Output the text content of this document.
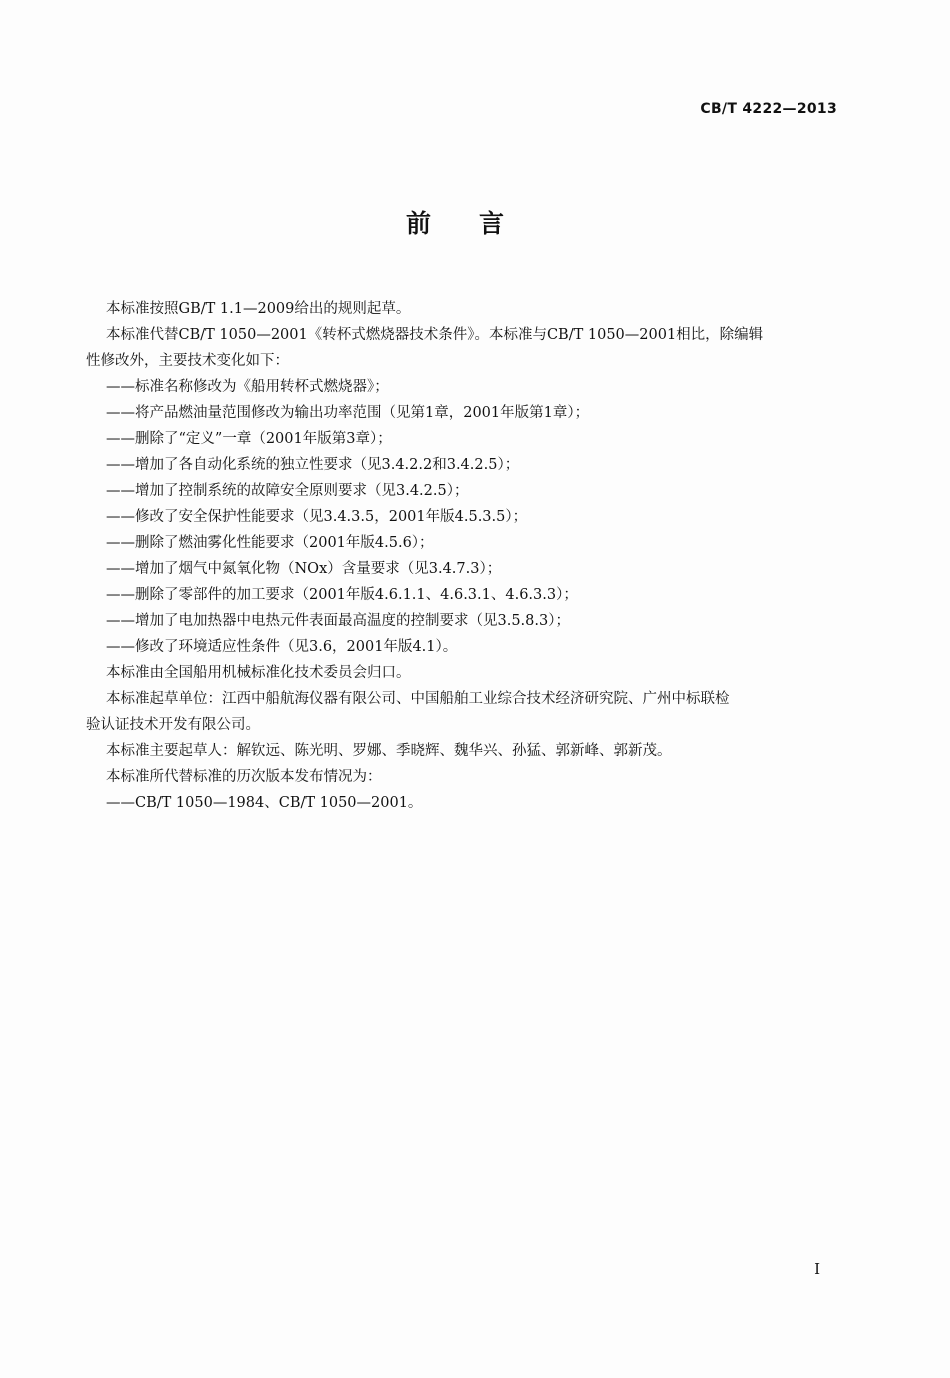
CB/T 4222—2013
前 言

本标准按照GB/T 1.1—2009给出的规则起草。

本标准代替CB/T 1050—2001《转杯式燃烧器技术条件》。本标准与CB/T 1050—2001相比，除编辑

性修改外，主要技术变化如下：

——标准名称修改为《船用转杯式燃烧器》；

——将产品燃油量范围修改为输出功率范围（见第1章，2001年版第1章）；

——删除了“定义”一章（2001年版第3章）；

——增加了各自动化系统的独立性要求（见3.4.2.2和3.4.2.5）；

——增加了控制系统的故障安全原则要求（见3.4.2.5）；

——修改了安全保护性能要求（见3.4.3.5，2001年版4.5.3.5）；

——删除了燃油雾化性能要求（2001年版4.5.6）；

——增加了烟气中氮氧化物（NOx）含量要求（见3.4.7.3）；

——删除了零部件的加工要求（2001年版4.6.1.1、4.6.3.1、4.6.3.3）；

——增加了电加热器中电热元件表面最高温度的控制要求（见3.5.8.3）；

——修改了环境适应性条件（见3.6，2001年版4.1）。

本标准由全国船用机械标准化技术委员会归口。

本标准起草单位：江西中船航海仪器有限公司、中国船舶工业综合技术经济研究院、广州中标联检

验认证技术开发有限公司。

本标准主要起草人：解钦远、陈光明、罗娜、季晓辉、魏华兴、孙猛、郭新峰、郭新茂。

本标准所代替标准的历次版本发布情况为：

——CB/T 1050—1984、CB/T 1050—2001。

I
